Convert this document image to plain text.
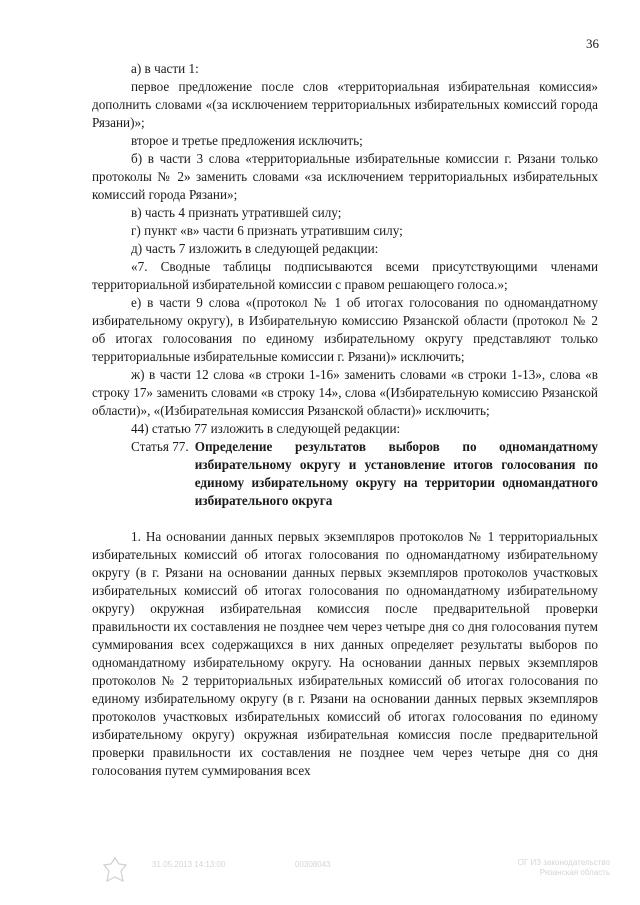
36

а) в части 1:

первое предложение после слов «территориальная избирательная комиссия» дополнить словами «(за исключением территориальных избирательных комиссий города Рязани)»;

второе и третье предложения исключить;

б) в части 3 слова «территориальные избирательные комиссии г. Рязани только протоколы № 2» заменить словами «за исключением территориальных избирательных комиссий города Рязани»;

в) часть 4 признать утратившей силу;

г) пункт «в» части 6 признать утратившим силу;

д) часть 7 изложить в следующей редакции:

«7. Сводные таблицы подписываются всеми присутствующими членами территориальной избирательной комиссии с правом решающего голоса.»;

е) в части 9 слова «(протокол № 1 об итогах голосования по одномандатному избирательному округу), в Избирательную комиссию Рязанской области (протокол № 2 об итогах голосования по единому избирательному округу представляют только территориальные избирательные комиссии г. Рязани)» исключить;

ж) в части 12 слова «в строки 1-16» заменить словами «в строки 1-13», слова «в строку 17» заменить словами «в строку 14», слова «(Избирательную комиссию Рязанской области)», «(Избирательная комиссия Рязанской области)» исключить;

44) статью 77 изложить в следующей редакции:

Статья 77. Определение результатов выборов по одномандатному избирательному округу и установление итогов голосования по единому избирательному округу на территории одномандатного избирательного округа

1. На основании данных первых экземпляров протоколов № 1 территориальных избирательных комиссий об итогах голосования по одномандатному избирательному округу (в г. Рязани на основании данных первых экземпляров протоколов участковых избирательных комиссий об итогах голосования по одномандатному избирательному округу) окружная избирательная комиссия после предварительной проверки правильности их составления не позднее чем через четыре дня со дня голосования путем суммирования всех содержащихся в них данных определяет результаты выборов по одномандатному избирательному округу. На основании данных первых экземпляров протоколов № 2 территориальных избирательных комиссий об итогах голосования по единому избирательному округу (в г. Рязани на основании данных первых экземпляров протоколов участковых избирательных комиссий об итогах голосования по единому избирательному округу) окружная избирательная комиссия после предварительной проверки правильности их составления не позднее чем через четыре дня со дня голосования путем суммирования всех

31.05.2013 14:13:00	00308043	ОГ ИЗ законодательство
Рязанская область
